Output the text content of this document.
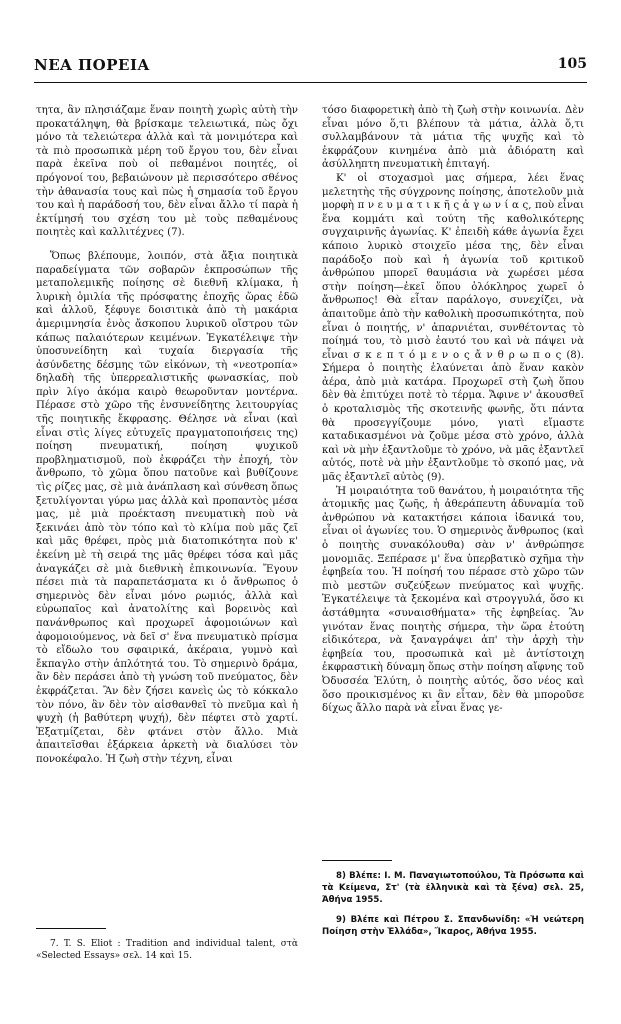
ΝΕΑ ΠΟΡΕΙΑ	105

τητα, ἂν πλησιάζαμε ἕναν ποιητὴ χωρὶς αὐτὴ τὴν προκατάληψη, θὰ βρίσκαμε τελειωτικά, πὼς ὄχι μόνο τὰ τελειώτερα ἀλλὰ καὶ τὰ μονιμότερα καὶ τὰ πιὸ προσωπικὰ μέρη τοῦ ἔργου του, δὲν εἶναι παρὰ ἐκεῖνα ποὺ οἱ πεθαμένοι ποιητές, οἱ πρόγονοί του, βεβαιώνουν μὲ περισσότερο σθένος τὴν ἀθανασία τους καὶ πὼς ἡ σημασία τοῦ ἔργου του καὶ ἡ παράδοσή του, δὲν εἶναι ἄλλο τί παρὰ ἡ ἐκτίμησή του σχέση του μὲ τοὺς πεθαμένους ποιητὲς καὶ καλλιτέχνες (7).

Ὅπως βλέπουμε, λοιπόν, στὰ ἄξια ποιητικὰ παραδείγματα τῶν σοβαρῶν ἐκπροσώπων τῆς μεταπολεμικῆς ποίησης σὲ διεθνῆ κλίμακα, ἡ λυρικὴ ὁμιλία τῆς πρόσφατης ἐποχῆς ὥρας ἐδῶ καὶ ἀλλοῦ, ξέφυγε δοισιτικὰ ἀπὸ τὴ μακάρια ἀμεριμνησία ἑνὸς ἄσκοπου λυρικοῦ οἴστρου τῶν κάπως παλαιότερων κειμένων. Ἐγκατέλειψε τὴν ὑποσυνείδητη καὶ τυχαία διεργασία τῆς ἀσύνδετης δέσμης τῶν εἰκόνων, τὴ «νεοτροπία» δηλαδὴ τῆς ὑπερρεαλιστικῆς φωνασκίας, ποὺ πρὶν λίγο ἀκόμα καιρὸ θεωροῦνταν μοντέρνα. Πέρασε στὸ χῶρο τῆς ἐνσυνείδητης λειτουργίας τῆς ποιητικῆς ἔκφρασης. Θέλησε νὰ εἶναι (καὶ εἶναι στὶς λίγες εὐτυχεῖς πραγματοποιήσεις της) ποίηση πνευματική, ποίηση ψυχικοῦ προβληματισμοῦ, ποὺ ἐκφράζει τὴν ἐποχή, τὸν ἄνθρωπο, τὸ χῶμα ὅπου πατοῦνε καὶ βυθίζουνε τὶς ρίζες μας, σὲ μιὰ ἀνάπλαση καὶ σύνθεση ὅπως ξετυλίγονται γύρω μας ἀλλὰ καὶ προπαντὸς μέσα μας, μὲ μιὰ προέκταση πνευματικὴ ποὺ νὰ ξεκινάει ἀπὸ τὸν τόπο καὶ τὸ κλίμα ποὺ μᾶς ζεῖ καὶ μᾶς θρέφει, πρὸς μιὰ διατοπικότητα ποὺ κ' ἐκείνη μὲ τὴ σειρά της μᾶς θρέφει τόσα καὶ μᾶς ἀναγκάζει σὲ μιὰ διεθνικὴ ἐπικοινωνία. Ἔγουν πέσει πιὰ τὰ παραπετάσματα κι ὁ ἄνθρωπος ὁ σημερινὸς δὲν εἶναι μόνο ρωμιός, ἀλλὰ καὶ εὐρωπαῖος καὶ ἀνατολίτης καὶ βορεινὸς καὶ πανάνθρωπος καὶ προχωρεῖ ἀφομοιώνων καὶ ἀφομοιούμενος, νὰ δεῖ σ' ἕνα πνευματικὸ πρίσμα τὸ εἴδωλο του σφαιρικά, ἀκέραια, γυμνὸ καὶ ἔκπαγλο στὴν ἁπλότητά του. Τὸ σημερινὸ δράμα, ἂν δὲν περάσει ἀπὸ τὴ γνώση τοῦ πνεύματος, δὲν ἐκφράζεται. Ἂν δὲν ζήσει κανεὶς ὡς τὸ κόκκαλο τὸν πόνο, ἂν δὲν τὸν αἰσθανθεῖ τὸ πνεῦμα καὶ ἡ ψυχὴ (ἡ βαθύτερη ψυχή), δὲν πέφτει στὸ χαρτί. Ἐξατμίζεται, δὲν φτάνει στὸν ἄλλο. Μιὰ ἀπαιτεῖσθαι ἐξάρκεια ἀρκετὴ νὰ διαλύσει τὸν πονοκέφαλο. Ἡ ζωὴ στὴν τέχνη, εἶναι

τόσο διαφορετικὴ ἀπὸ τὴ ζωὴ στὴν κοινωνία. Δὲν εἶναι μόνο ὅ,τι βλέπουν τὰ μάτια, ἀλλὰ ὅ,τι συλλαμβάνουν τὰ μάτια τῆς ψυχῆς καὶ τὸ ἐκφράζουν κινημένα ἀπὸ μιὰ ἀδιόρατη καὶ ἀσύλληπτη πνευματικὴ ἐπιταγή.

Κ' οἱ στοχασμοὶ μας σήμερα, λέει ἕνας μελετητὴς τῆς σύγχρονης ποίησης, ἀποτελοῦν μιὰ μορφὴ π ν ε υ μ α τ ι κ ῆ ς ἀ γ ω ν ί α ς, ποὺ εἶναι ἕνα κομμάτι καὶ τούτη τῆς καθολικότερης συγχαιρινῆς ἀγωνίας. Κ' ἐπειδὴ κάθε ἀγωνία ἔχει κάποιο λυρικὸ στοιχεῖο μέσα της, δὲν εἶναι παράδοξο ποὺ καὶ ἡ ἀγωνία τοῦ κριτικοῦ ἀνθρώπου μπορεῖ θαυμάσια νὰ χωρέσει μέσα στὴν ποίηση—ἐκεῖ ὅπου ὁλόκληρος χωρεῖ ὁ ἄνθρωπος! Θὰ εἶταν παράλογο, συνεχίζει, νὰ ἀπαιτοῦμε ἀπὸ τὴν καθολικὴ προσωπικότητα, ποὺ εἶναι ὁ ποιητής, ν' ἀπαρνιέται, συνθέτοντας τὸ ποίημά του, τὸ μισὸ ἑαυτό του καὶ νὰ πάψει νὰ εἶναι σ κ ε π τ ό μ ε ν ο ς ἄ ν θ ρ ω π ο ς (8). Σήμερα ὁ ποιητὴς ἐλαύνεται ἀπὸ ἕναν κακὸν ἀέρα, ἀπὸ μιὰ κατάρα. Προχωρεῖ στὴ ζωὴ ὅπου δὲν θὰ ἐπιτύχει ποτὲ τὸ τέρμα. Ἄφινε ν' ἀκουσθεῖ ὁ κροταλισμὸς τῆς σκοτεινῆς φωνῆς, ὅτι πάντα θὰ προσεγγίζουμε μόνο, γιατὶ εἴμαστε καταδικασμένοι νὰ ζοῦμε μέσα στὸ χρόνο, ἀλλὰ καὶ νὰ μὴν ἐξαντλοῦμε τὸ χρόνο, νὰ μᾶς ἐξαντλεῖ αὐτός, ποτὲ νὰ μὴν ἐξαντλοῦμε τὸ σκοπό μας, νὰ μᾶς ἐξαντλεῖ αὐτὸς (9).

Ἡ μοιραιότητα τοῦ θανάτου, ἡ μοιραιότητα τῆς ἀτομικῆς μας ζωῆς, ἡ ἀθεράπευτη ἀδυναμία τοῦ ἀνθρώπου νὰ κατακτήσει κάποια ἰδανικά του, εἶναι οἱ ἀγωνίες του. Ὁ σημερινὸς ἄνθρωπος (καὶ ὁ ποιητὴς συνακόλουθα) σὰν ν' ἀνθρώπησε μονομιᾶς. Ξεπέρασε μ' ἕνα ὑπερβατικὸ σχῆμα τὴν ἐφηβεία του. Ἡ ποίησή του πέρασε στὸ χῶρο τῶν πιὸ μεστῶν συζεύξεων πνεύματος καὶ ψυχῆς. Ἐγκατέλειψε τὰ ξεκομένα καὶ στρογγυλά, ὅσο κι ἀστάθμητα «συναισθήματα» τῆς ἐφηβείας. Ἂν γινόταν ἕνας ποιητὴς σήμερα, τὴν ὥρα ἐτούτη εἰδικότερα, νὰ ξαναγράψει ἀπ' τὴν ἀρχὴ τὴν ἐφηβεία του, προσωπικὰ καὶ μὲ ἀντίστοιχη ἐκφραστικὴ δύναμη ὅπως στὴν ποίηση αἴφνης τοῦ Ὀδυσσέα Ἐλύτη, ὁ ποιητὴς αὐτός, ὅσο νέος καὶ ὅσο προικισμένος κι ἂν εἶταν, δὲν θὰ μποροῦσε δίχως ἄλλο παρὰ νὰ εἶναι ἕνας γε-

7. T. S. Eliot : Tradition and individual talent, στὰ «Selected Essays» σελ. 14 καὶ 15.

8) Βλέπε: Ι. Μ. Παναγιωτοπούλου, Τὰ Πρόσωπα καὶ τὰ Κείμενα, Στ' (τὰ ἑλληνικὰ καὶ τὰ ξένα) σελ. 25, Ἀθήνα 1955.

9) Βλέπε καὶ Πέτρου Σ. Σπανδωνίδη: «Ἡ νεώτερη Ποίηση στὴν Ἑλλάδα», Ἴκαρος, Ἀθήνα 1955.
